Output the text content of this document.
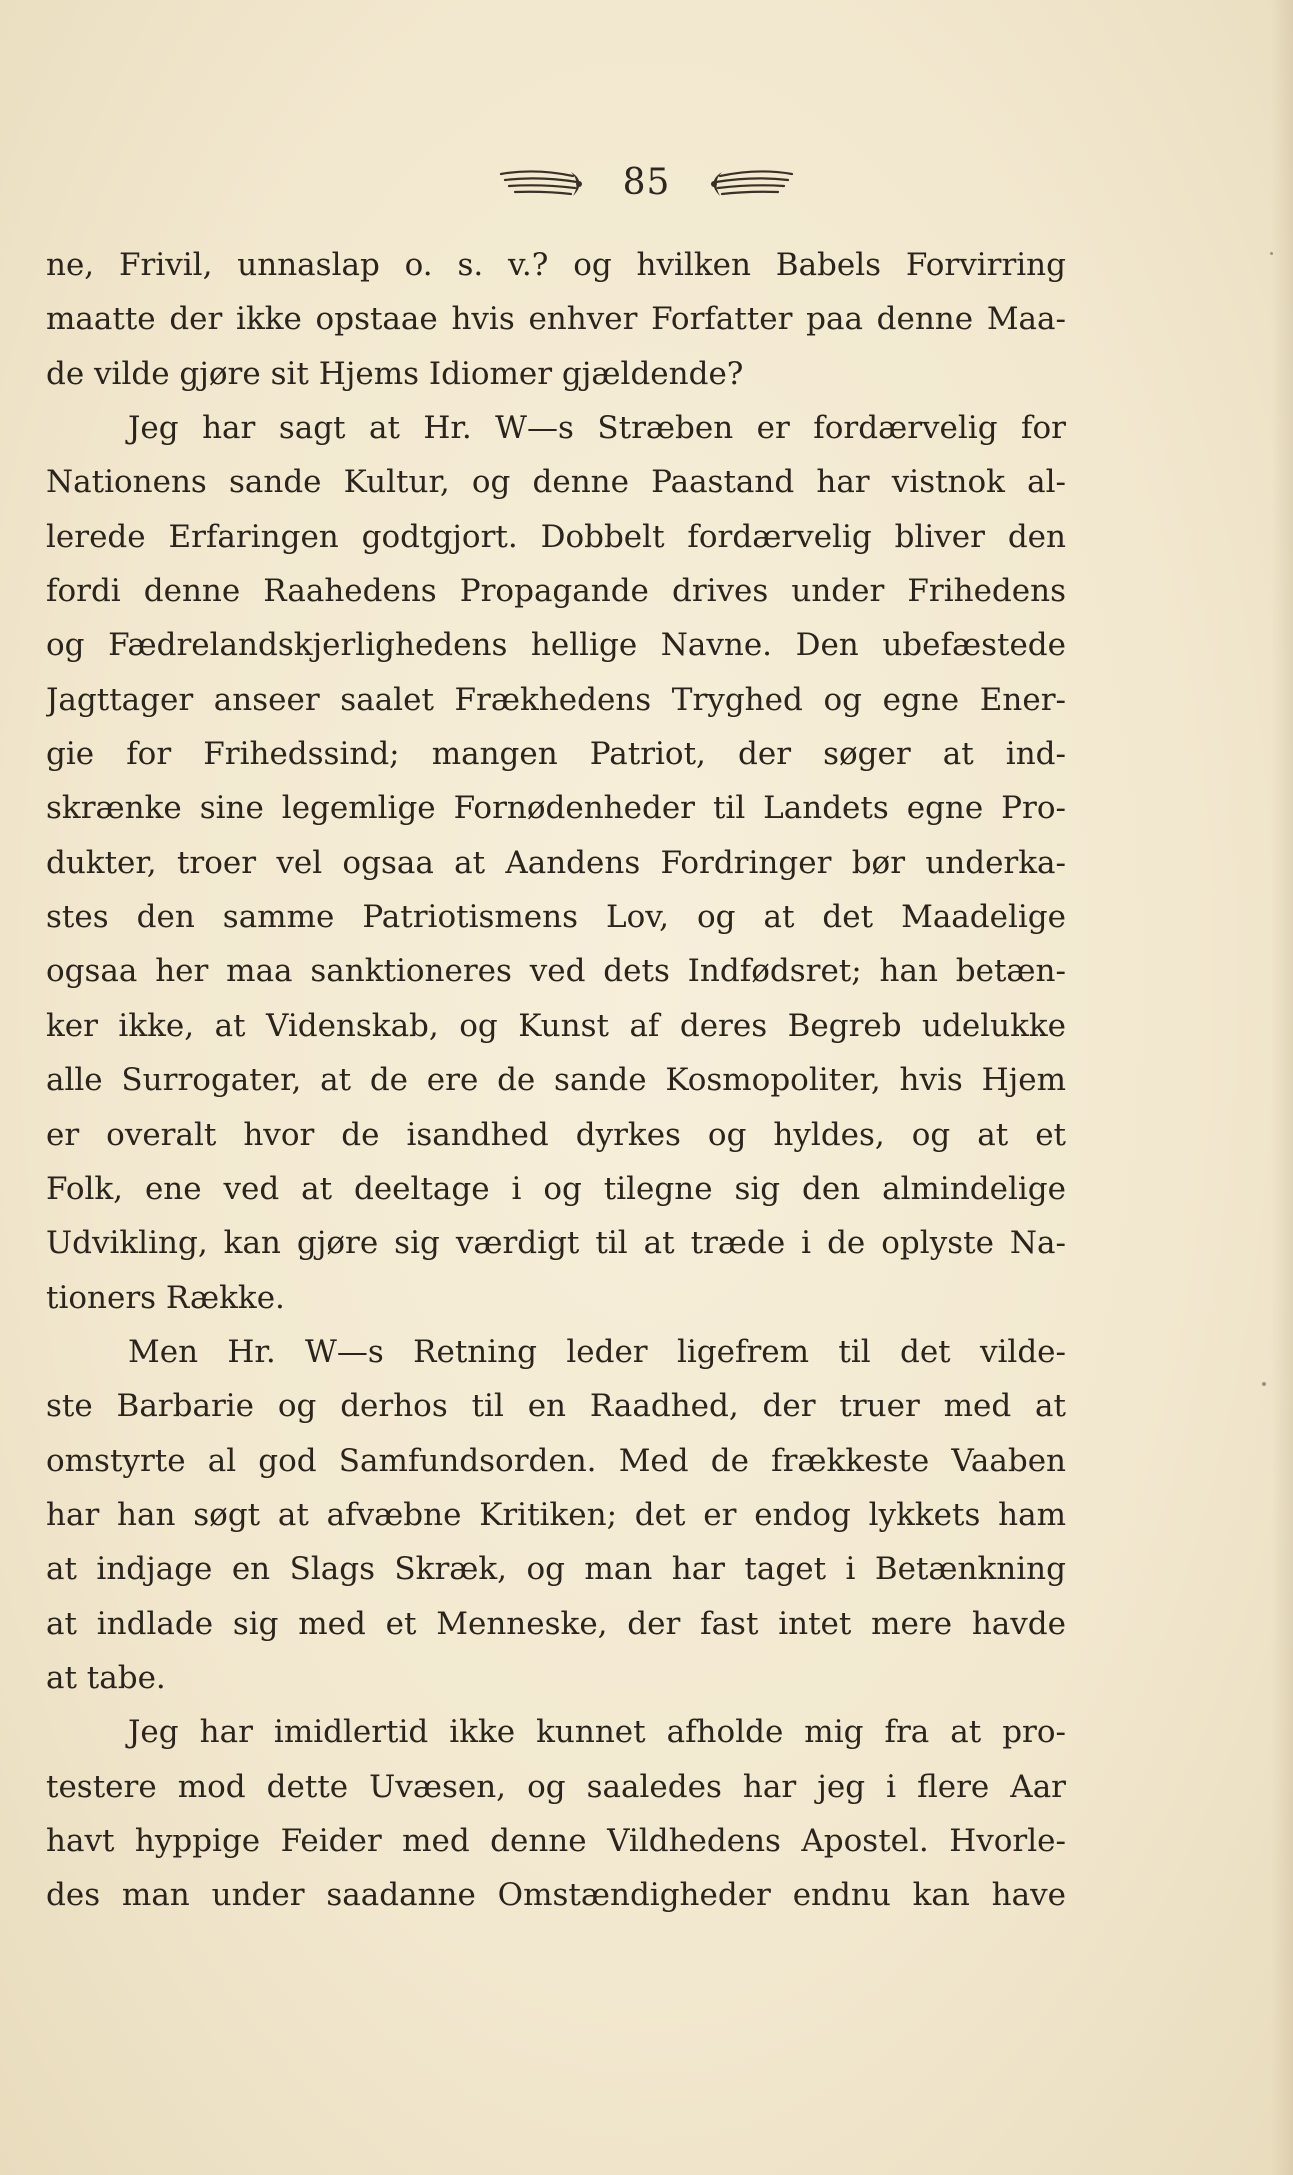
85
ne, Frivil, unnaslap o. s. v.? og hvilken Babels Forvirring
maatte der ikke opstaae hvis enhver Forfatter paa denne Maa-
de vilde gjøre sit Hjems Idiomer gjældende?
Jeg har sagt at Hr. W—s Stræben er fordærvelig for
Nationens sande Kultur, og denne Paastand har vistnok al-
lerede Erfaringen godtgjort. Dobbelt fordærvelig bliver den
fordi denne Raahedens Propagande drives under Frihedens
og Fædrelandskjerlighedens hellige Navne. Den ubefæstede
Jagttager anseer saalet Frækhedens Tryghed og egne Ener-
gie for Frihedssind; mangen Patriot, der søger at ind-
skrænke sine legemlige Fornødenheder til Landets egne Pro-
dukter, troer vel ogsaa at Aandens Fordringer bør underka-
stes den samme Patriotismens Lov, og at det Maadelige
ogsaa her maa sanktioneres ved dets Indfødsret; han betæn-
ker ikke, at Videnskab, og Kunst af deres Begreb udelukke
alle Surrogater, at de ere de sande Kosmopoliter, hvis Hjem
er overalt hvor de isandhed dyrkes og hyldes, og at et
Folk, ene ved at deeltage i og tilegne sig den almindelige
Udvikling, kan gjøre sig værdigt til at træde i de oplyste Na-
tioners Række.
Men Hr. W—s Retning leder ligefrem til det vilde-
ste Barbarie og derhos til en Raadhed, der truer med at
omstyrte al god Samfundsorden. Med de frækkeste Vaaben
har han søgt at afvæbne Kritiken; det er endog lykkets ham
at indjage en Slags Skræk, og man har taget i Betænkning
at indlade sig med et Menneske, der fast intet mere havde
at tabe.
Jeg har imidlertid ikke kunnet afholde mig fra at pro-
testere mod dette Uvæsen, og saaledes har jeg i flere Aar
havt hyppige Feider med denne Vildhedens Apostel. Hvorle-
des man under saadanne Omstændigheder endnu kan have
